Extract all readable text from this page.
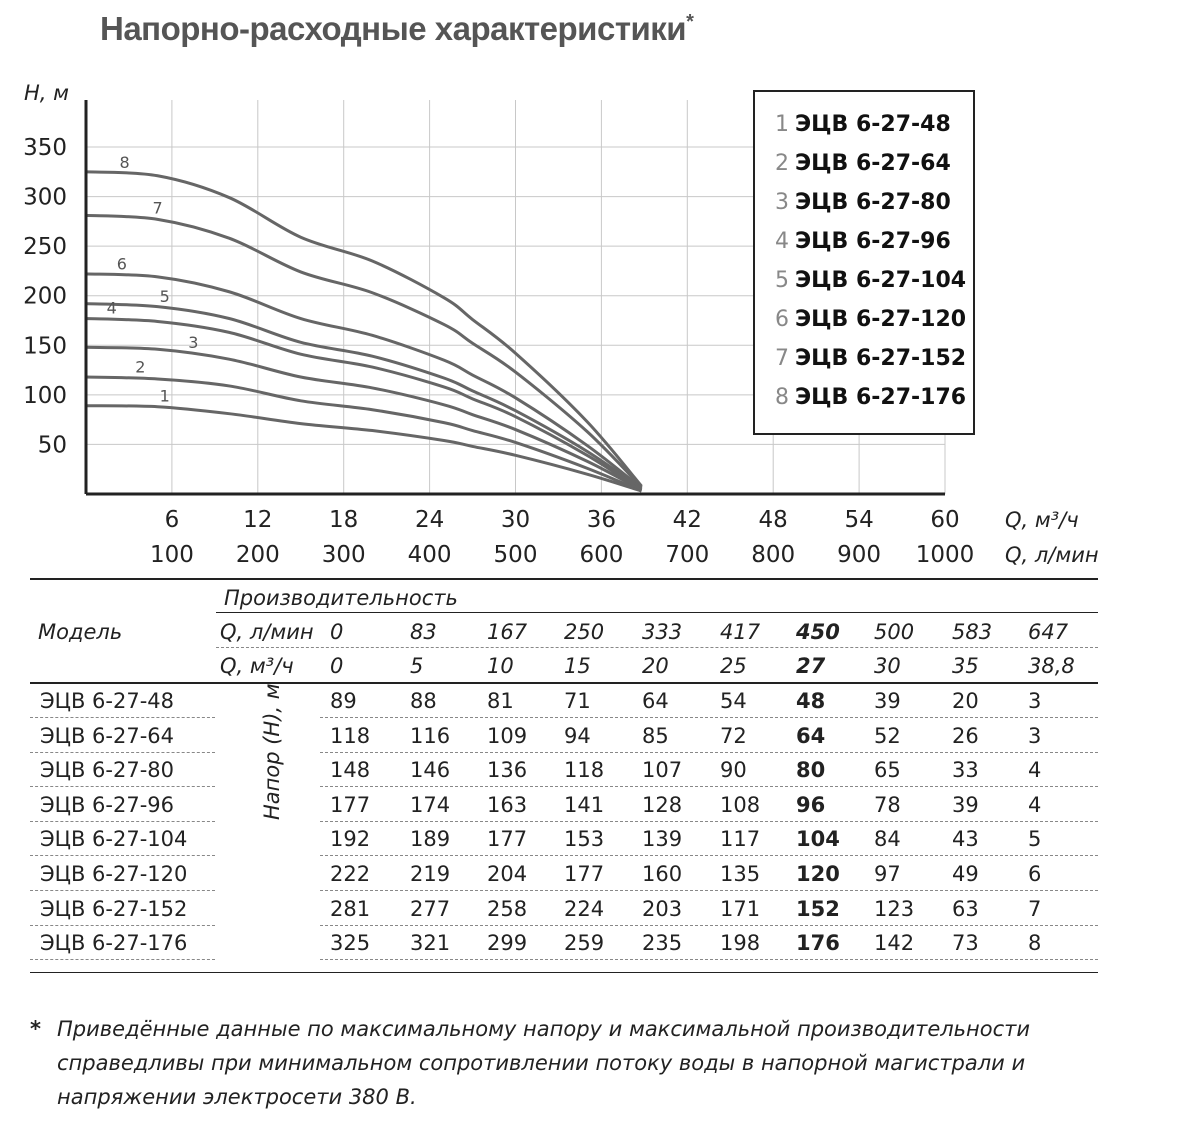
Напорно-расходные характеристики*
50
100
150
200
250
300
350
H, м
6
100
12
200
18
300
24
400
30
500
36
600
42
700
48
800
54
900
60
1000
Q, м³/ч
Q, л/мин
1
2
3
4
5
6
7
8
1 ЭЦВ 6-27-48
2 ЭЦВ 6-27-64
3 ЭЦВ 6-27-80
4 ЭЦВ 6-27-96
5 ЭЦВ 6-27-104
6 ЭЦВ 6-27-120
7 ЭЦВ 6-27-152
8 ЭЦВ 6-27-176
Производительность
Модель	Q, л/мин 0	83 167 250 333 417 450 500 583 647
Q, м³/ч 0	5	10 15 20 25 27 30 35 38,8
ЭЦВ 6-27-48	89	88 81 71 64 54 48 39 20 3
ЭЦВ 6-27-64	118 116 109 94 85 72 64 52 26 3
ЭЦВ 6-27-80	148 146 136 118 107 90 80 65 33 4
ЭЦВ 6-27-96	177 174 163 141 128 108 96 78 39 4
ЭЦВ 6-27-104	192 189 177 153 139 117 104 84 43 5
ЭЦВ 6-27-120	222 219 204 177 160 135 120 97 49 6
ЭЦВ 6-27-152	281 277 258 224 203 171 152 123 63 7
ЭЦВ 6-27-176	325 321 299 259 235 198 176 142 73 8
Напор (H), м
* Приведённые данные по максимальному напору и максимальной производительности справедливы при минимальном сопротивлении потоку воды в напорной магистрали и напряжении электросети 380 В.
